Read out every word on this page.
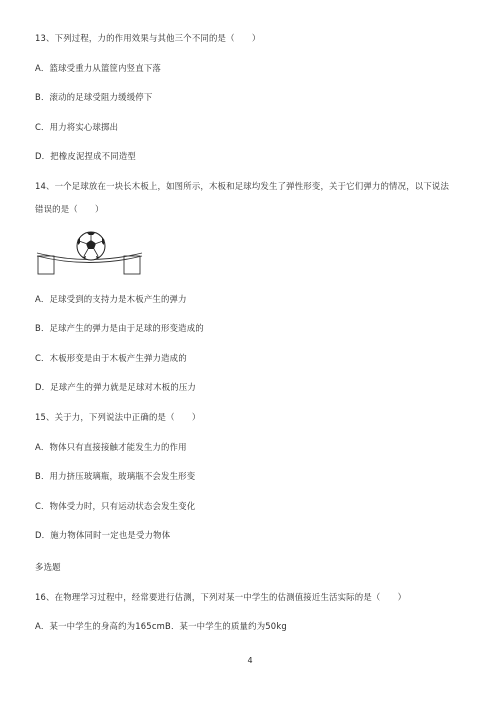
13、下列过程，力的作用效果与其他三个不同的是（　　）
A．篮球受重力从篮筐内竖直下落
B．滚动的足球受阻力缓缓停下
C．用力将实心球掷出
D．把橡皮泥捏成不同造型
14、一个足球放在一块长木板上，如图所示，木板和足球均发生了弹性形变，关于它们弹力的情况，以下说法
错误的是（　　）
A．足球受到的支持力是木板产生的弹力
B．足球产生的弹力是由于足球的形变造成的
C．木板形变是由于木板产生弹力造成的
D．足球产生的弹力就是足球对木板的压力
15、关于力，下列说法中正确的是（　　）
A．物体只有直接接触才能发生力的作用
B．用力挤压玻璃瓶，玻璃瓶不会发生形变
C．物体受力时，只有运动状态会发生变化
D．施力物体同时一定也是受力物体
多选题
16、在物理学习过程中，经常要进行估测，下列对某一中学生的估测值接近生活实际的是（　　）
A．某一中学生的身高约为165cmB．某一中学生的质量约为50kg
4
